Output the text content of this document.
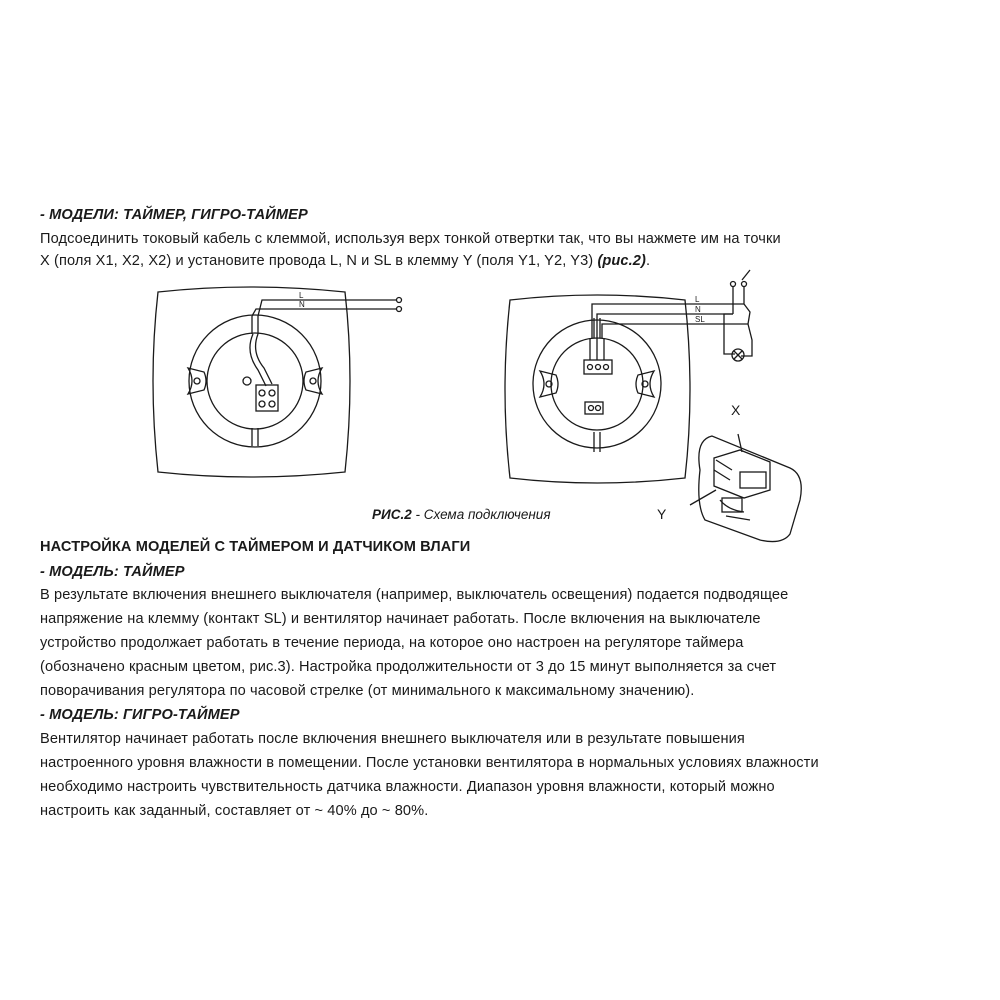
- МОДЕЛИ: ТАЙМЕР, ГИГРО-ТАЙМЕР
Подсоединить токовый кабель с клеммой, используя верх тонкой отвертки так, что вы нажмете им на точки
X (поля X1, X2, X2) и установите провода L, N и SL в клемму Y (поля Y1, Y2, Y3) (рис.2).
L
N
L
N
SL
X
Y
РИС.2 - Схема подключения
НАСТРОЙКА МОДЕЛЕЙ С ТАЙМЕРОМ И ДАТЧИКОМ ВЛАГИ
- МОДЕЛЬ: ТАЙМЕР
В результате включения внешнего выключателя (например, выключатель освещения) подается подводящее
напряжение на клемму (контакт SL) и вентилятор начинает работать. После включения на выключателе
устройство продолжает работать в течение периода, на которое оно настроен на регуляторе таймера
(обозначено красным цветом, рис.3). Настройка продолжительности от 3 до 15 минут выполняется за счет
поворачивания регулятора по часовой стрелке (от минимального к максимальному значению).
- МОДЕЛЬ: ГИГРО-ТАЙМЕР
Вентилятор начинает работать после включения внешнего выключателя или в результате повышения
настроенного уровня влажности в помещении. После установки вентилятора в нормальных условиях влажности
необходимо настроить чувствительность датчика влажности. Диапазон уровня влажности, который можно
настроить как заданный, составляет от ~ 40% до ~ 80%.
